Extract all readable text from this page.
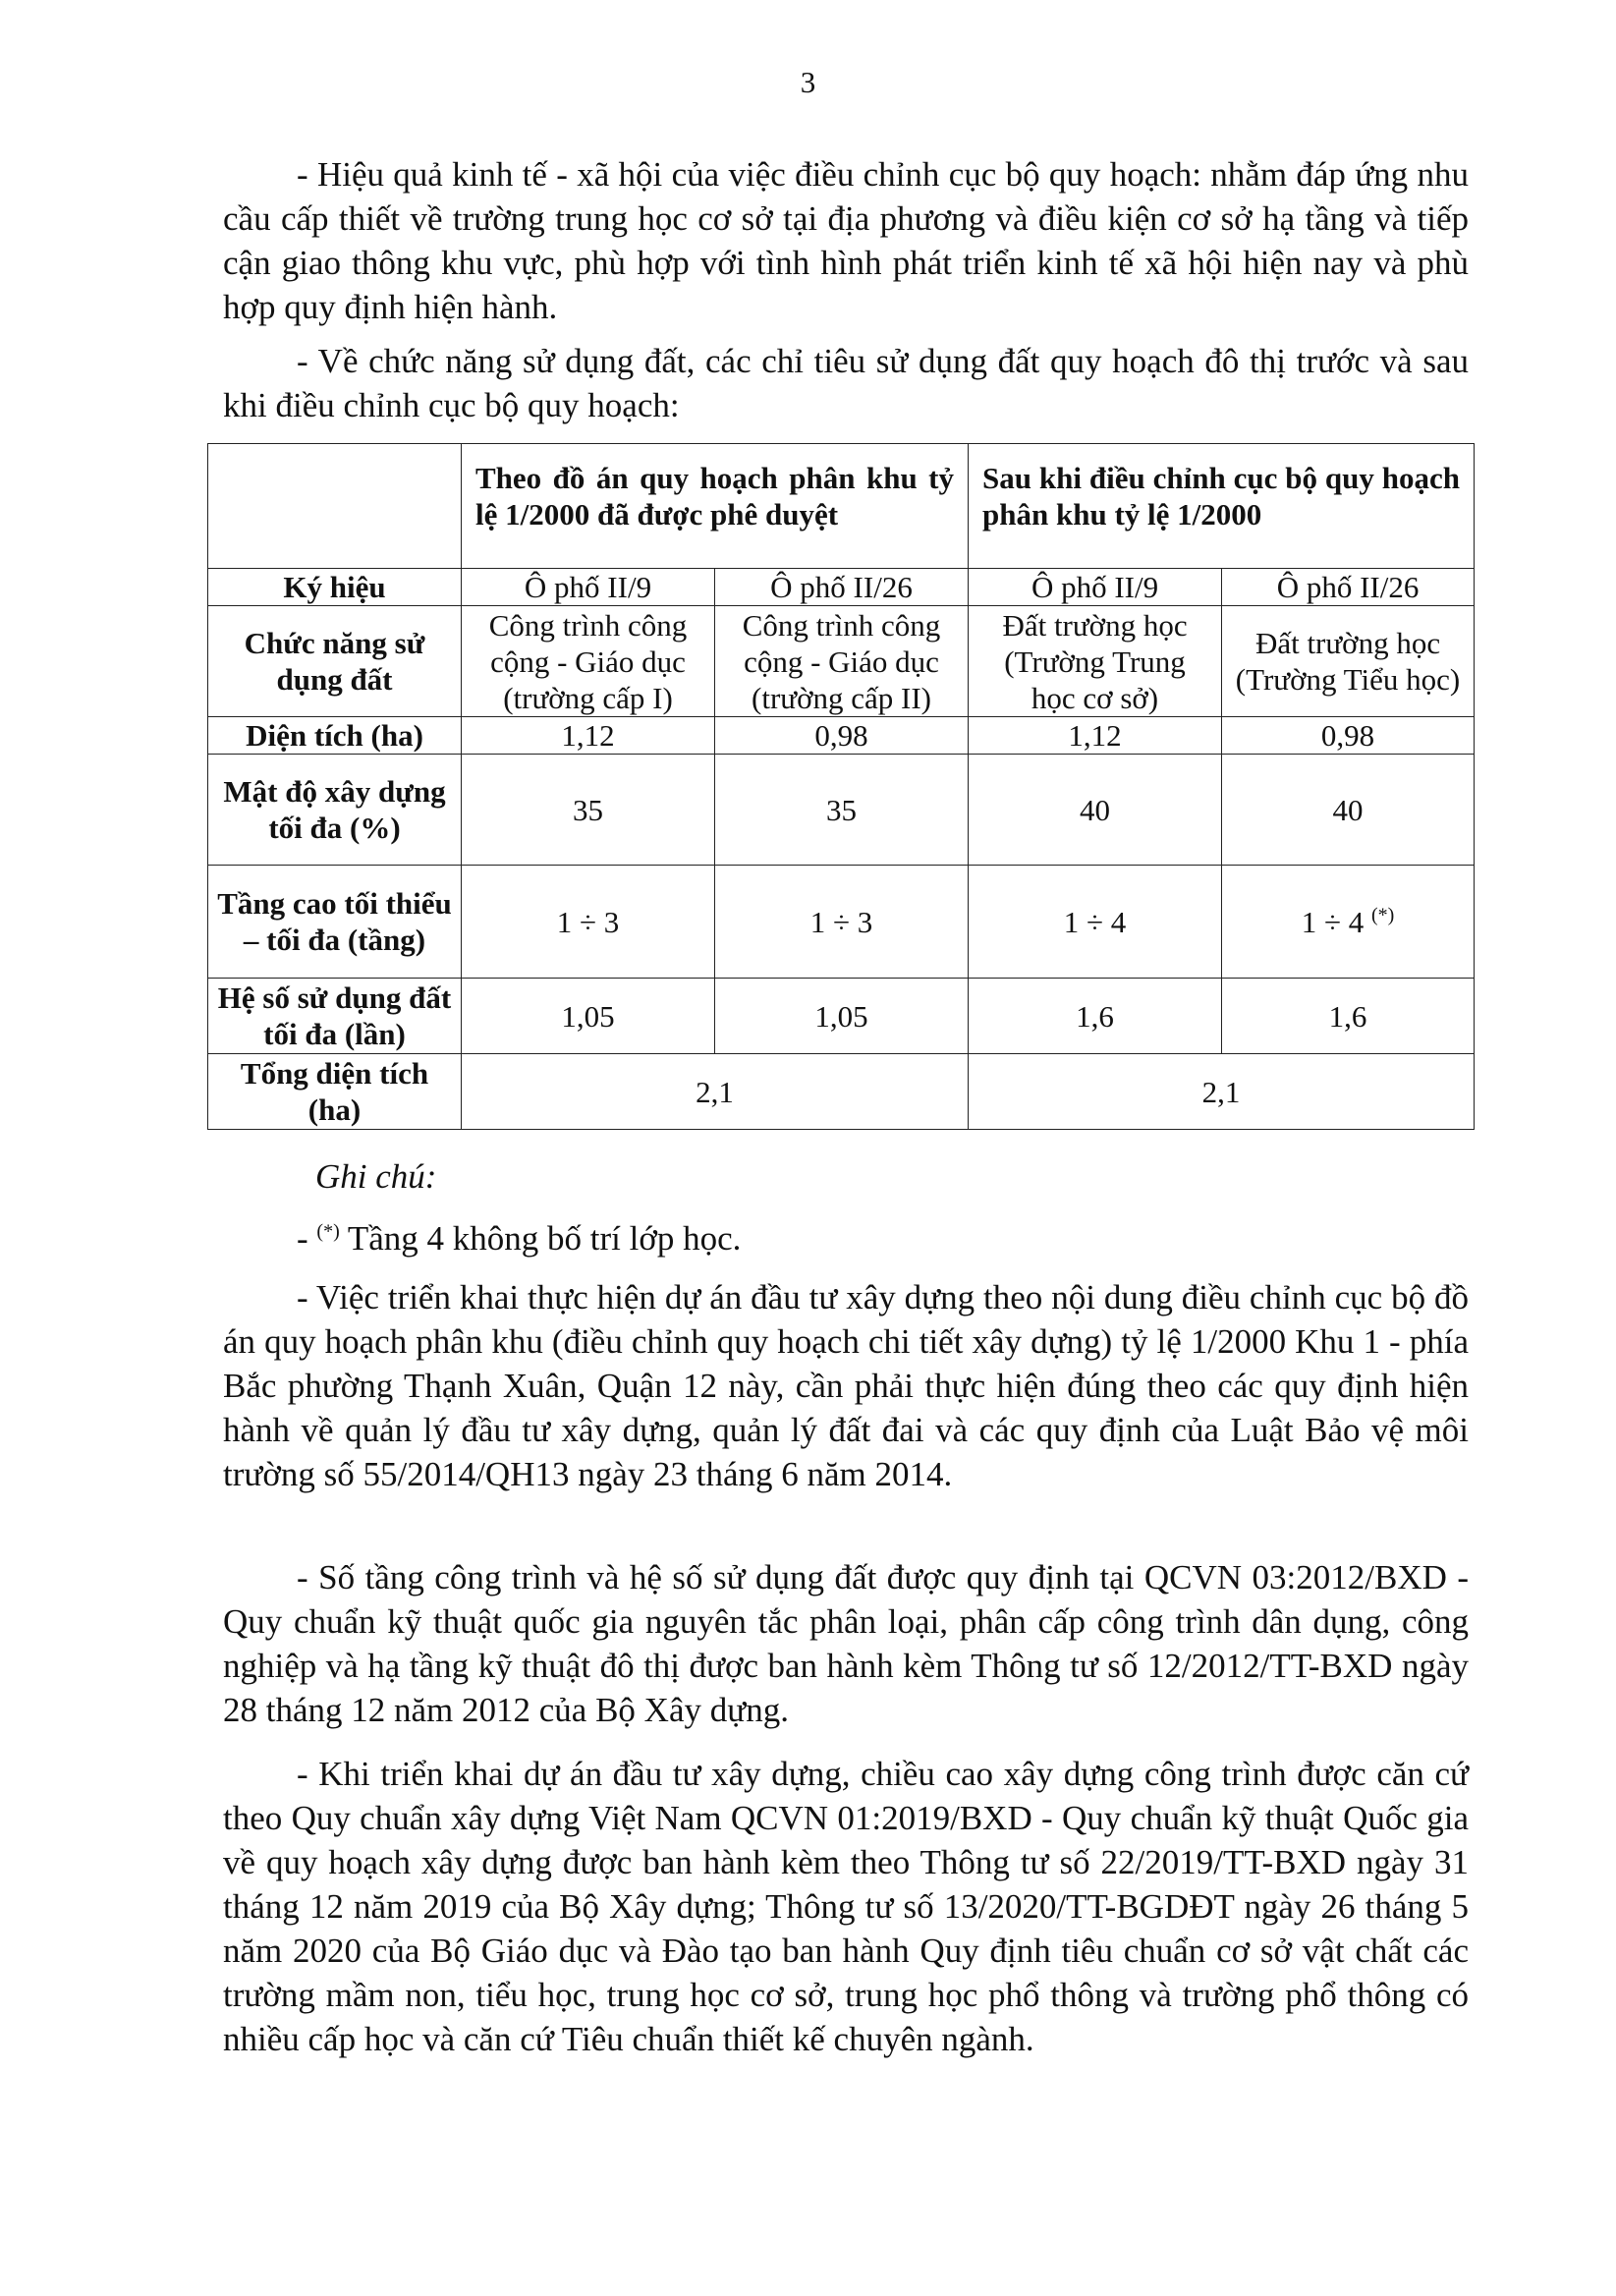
3

- Hiệu quả kinh tế - xã hội của việc điều chỉnh cục bộ quy hoạch: nhằm đáp ứng nhu cầu cấp thiết về trường trung học cơ sở tại địa phương và điều kiện cơ sở hạ tầng và tiếp cận giao thông khu vực, phù hợp với tình hình phát triển kinh tế xã hội hiện nay và phù hợp quy định hiện hành.

- Về chức năng sử dụng đất, các chỉ tiêu sử dụng đất quy hoạch đô thị trước và sau khi điều chỉnh cục bộ quy hoạch:

	Theo đồ án quy hoạch phân khu tỷ lệ 1/2000 đã được phê duyệt		Sau khi điều chỉnh cục bộ quy hoạch phân khu tỷ lệ 1/2000	
Ký hiệu	Ô phố II/9	Ô phố II/26	Ô phố II/9	Ô phố II/26
Chức năng sử dụng đất	Công trình công cộng - Giáo dục (trường cấp I)	Công trình công cộng - Giáo dục (trường cấp II)	Đất trường học (Trường Trung học cơ sở)	Đất trường học (Trường Tiểu học)
Diện tích (ha)	1,12	0,98	1,12	0,98
Mật độ xây dựng tối đa (%)	35	35	40	40
Tầng cao tối thiểu – tối đa (tầng)	1 ÷ 3	1 ÷ 3	1 ÷ 4	1 ÷ 4 (*)
Hệ số sử dụng đất tối đa (lần)	1,05	1,05	1,6	1,6
Tổng diện tích (ha)	2,1		2,1	
Ghi chú:

- (*) Tầng 4 không bố trí lớp học.

- Việc triển khai thực hiện dự án đầu tư xây dựng theo nội dung điều chỉnh cục bộ đồ án quy hoạch phân khu (điều chỉnh quy hoạch chi tiết xây dựng) tỷ lệ 1/2000 Khu 1 - phía Bắc phường Thạnh Xuân, Quận 12 này, cần phải thực hiện đúng theo các quy định hiện hành về quản lý đầu tư xây dựng, quản lý đất đai và các quy định của Luật Bảo vệ môi trường số 55/2014/QH13 ngày 23 tháng 6 năm 2014.

- Số tầng công trình và hệ số sử dụng đất được quy định tại QCVN 03:2012/BXD - Quy chuẩn kỹ thuật quốc gia nguyên tắc phân loại, phân cấp công trình dân dụng, công nghiệp và hạ tầng kỹ thuật đô thị được ban hành kèm Thông tư số 12/2012/TT-BXD ngày 28 tháng 12 năm 2012 của Bộ Xây dựng.

- Khi triển khai dự án đầu tư xây dựng, chiều cao xây dựng công trình được căn cứ theo Quy chuẩn xây dựng Việt Nam QCVN 01:2019/BXD - Quy chuẩn kỹ thuật Quốc gia về quy hoạch xây dựng được ban hành kèm theo Thông tư số 22/2019/TT-BXD ngày 31 tháng 12 năm 2019 của Bộ Xây dựng; Thông tư số 13/2020/TT-BGDĐT ngày 26 tháng 5 năm 2020 của Bộ Giáo dục và Đào tạo ban hành Quy định tiêu chuẩn cơ sở vật chất các trường mầm non, tiểu học, trung học cơ sở, trung học phổ thông và trường phổ thông có nhiều cấp học và căn cứ Tiêu chuẩn thiết kế chuyên ngành.
